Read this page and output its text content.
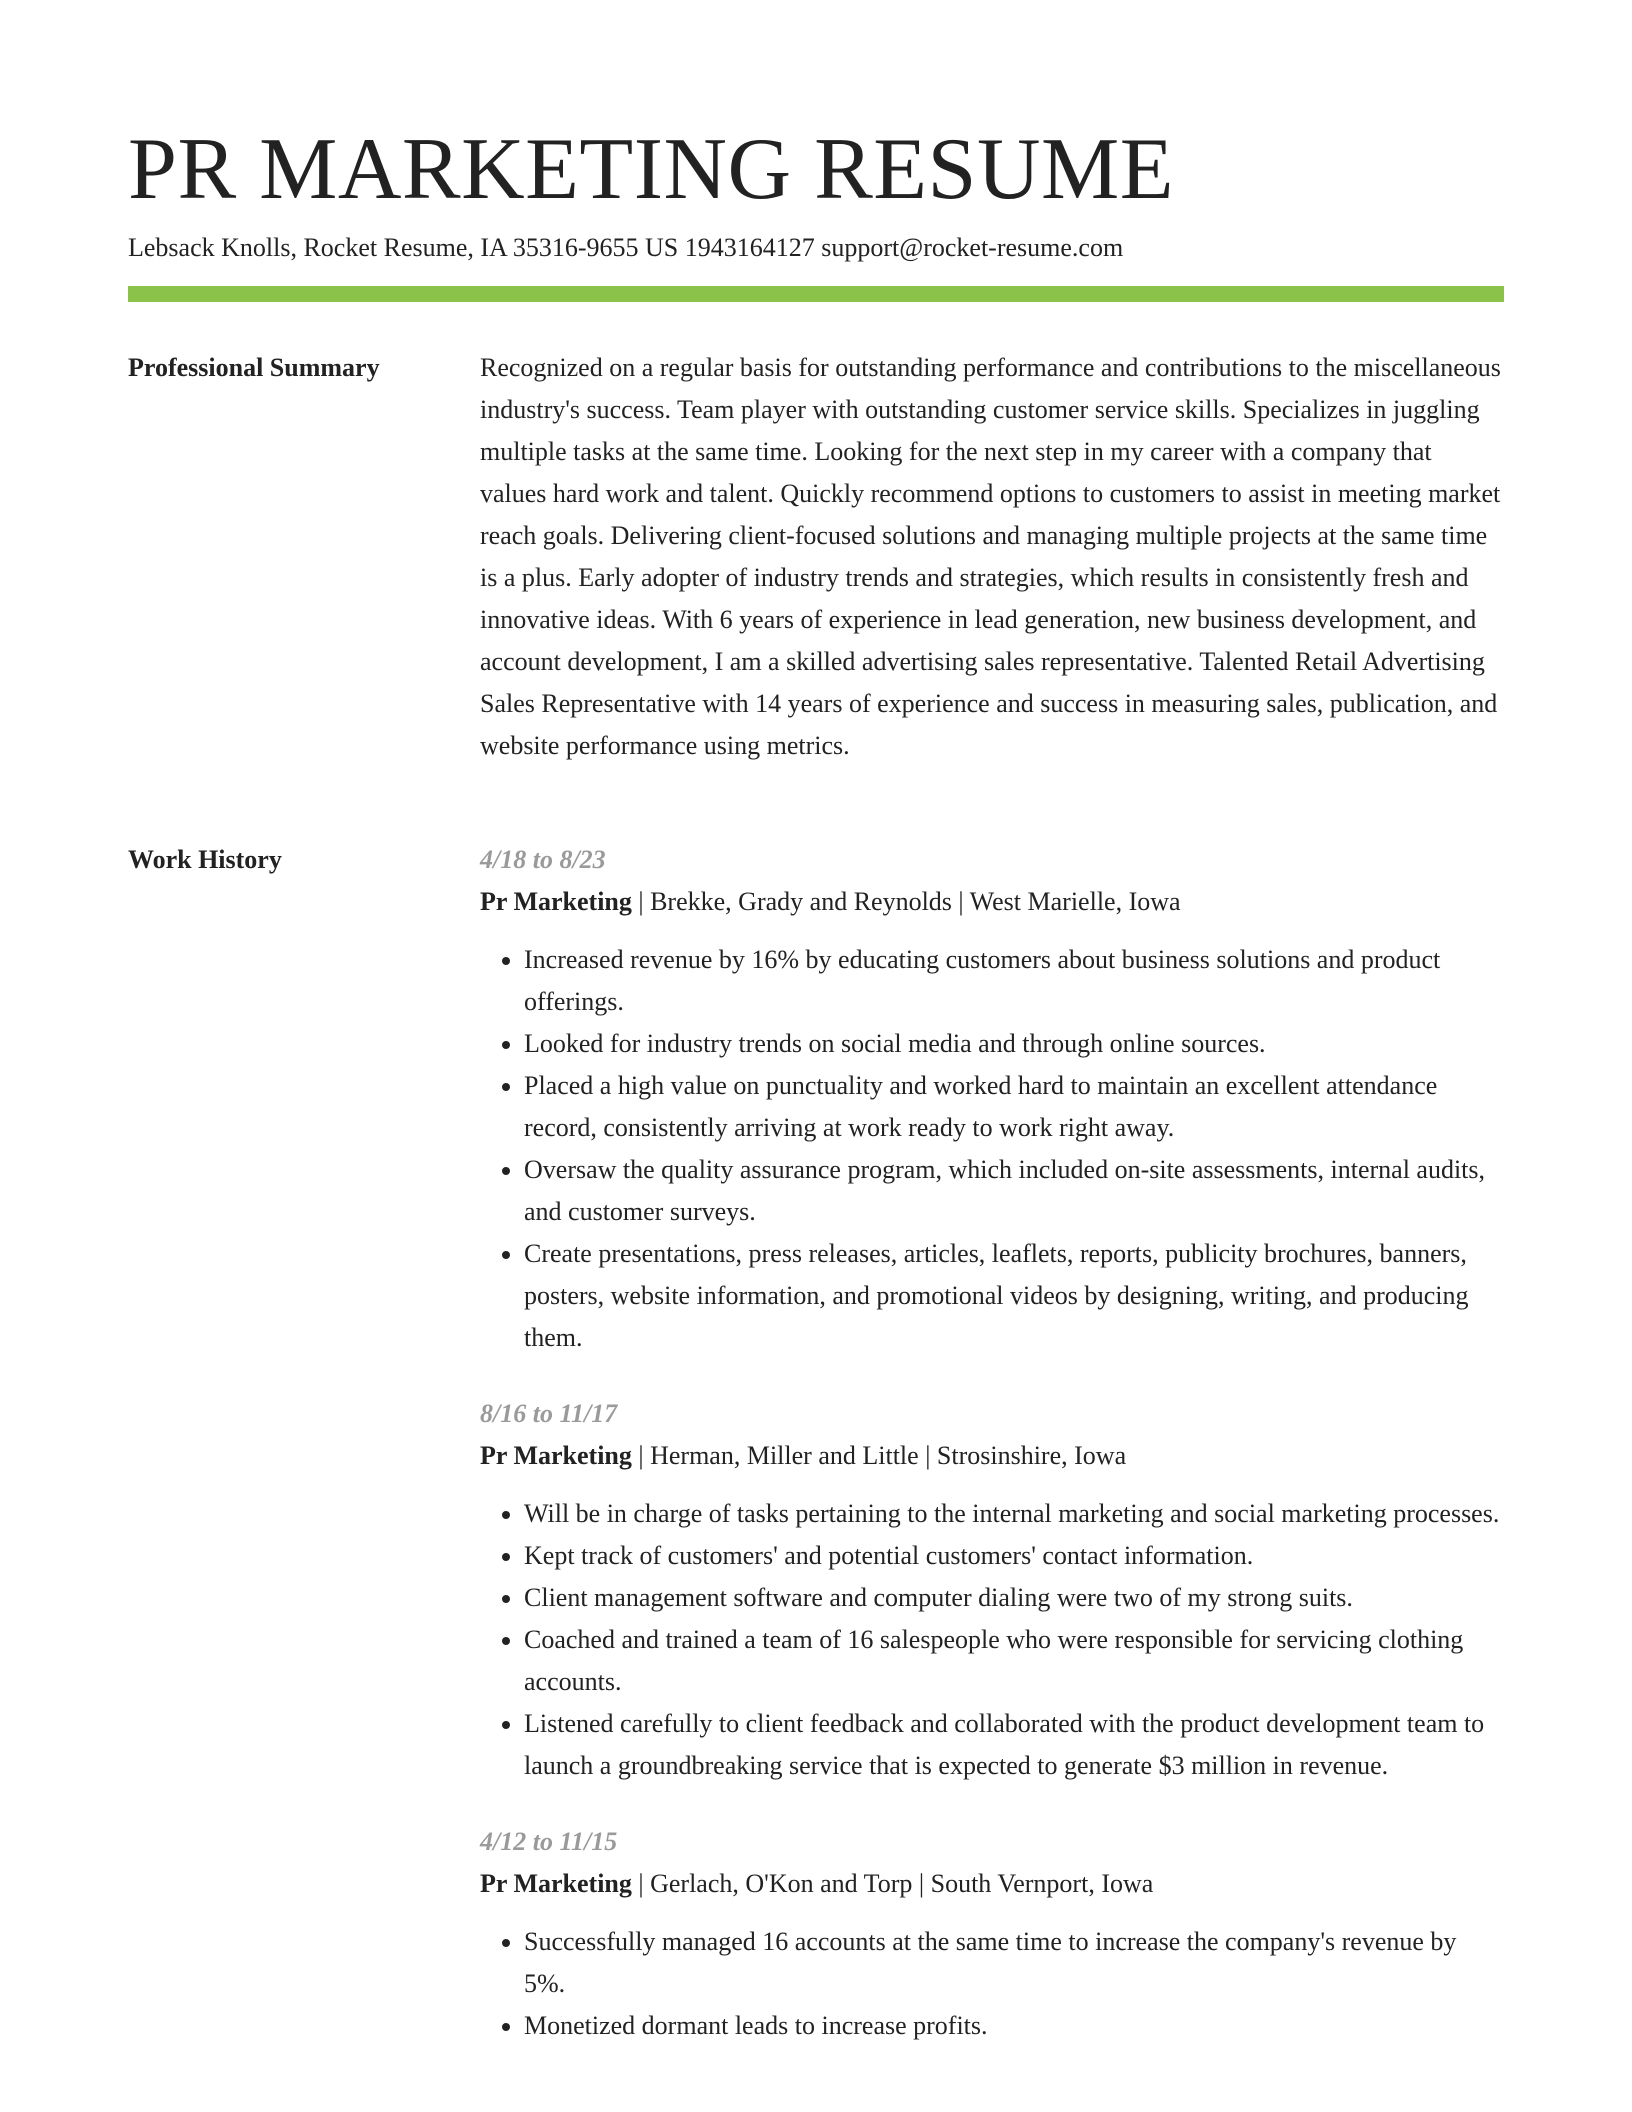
PR MARKETING RESUME
Lebsack Knolls, Rocket Resume, IA 35316-9655 US 1943164127 support@rocket-resume.com
Professional Summary	Recognized on a regular basis for outstanding performance and contributions to the miscellaneous industry's success. Team player with outstanding customer service skills. Specializes in juggling multiple tasks at the same time. Looking for the next step in my career with a company that values hard work and talent. Quickly recommend options to customers to assist in meeting market reach goals. Delivering client-focused solutions and managing multiple projects at the same time is a plus. Early adopter of industry trends and strategies, which results in consistently fresh and innovative ideas. With 6 years of experience in lead generation, new business development, and account development, I am a skilled advertising sales representative. Talented Retail Advertising Sales Representative with 14 years of experience and success in measuring sales, publication, and website performance using metrics.

Work History	4/18 to 8/23
Pr Marketing | Brekke, Grady and Reynolds | West Marielle, Iowa
• Increased revenue by 16% by educating customers about business solutions and product offerings.
• Looked for industry trends on social media and through online sources.
• Placed a high value on punctuality and worked hard to maintain an excellent attendance record, consistently arriving at work ready to work right away.
• Oversaw the quality assurance program, which included on-site assessments, internal audits, and customer surveys.
• Create presentations, press releases, articles, leaflets, reports, publicity brochures, banners, posters, website information, and promotional videos by designing, writing, and producing them.
8/16 to 11/17
Pr Marketing | Herman, Miller and Little | Strosinshire, Iowa
• Will be in charge of tasks pertaining to the internal marketing and social marketing processes.
• Kept track of customers' and potential customers' contact information.
• Client management software and computer dialing were two of my strong suits.
• Coached and trained a team of 16 salespeople who were responsible for servicing clothing accounts.
• Listened carefully to client feedback and collaborated with the product development team to launch a groundbreaking service that is expected to generate $3 million in revenue.
4/12 to 11/15
Pr Marketing | Gerlach, O'Kon and Torp | South Vernport, Iowa
• Successfully managed 16 accounts at the same time to increase the company's revenue by 5%.
• Monetized dormant leads to increase profits.
